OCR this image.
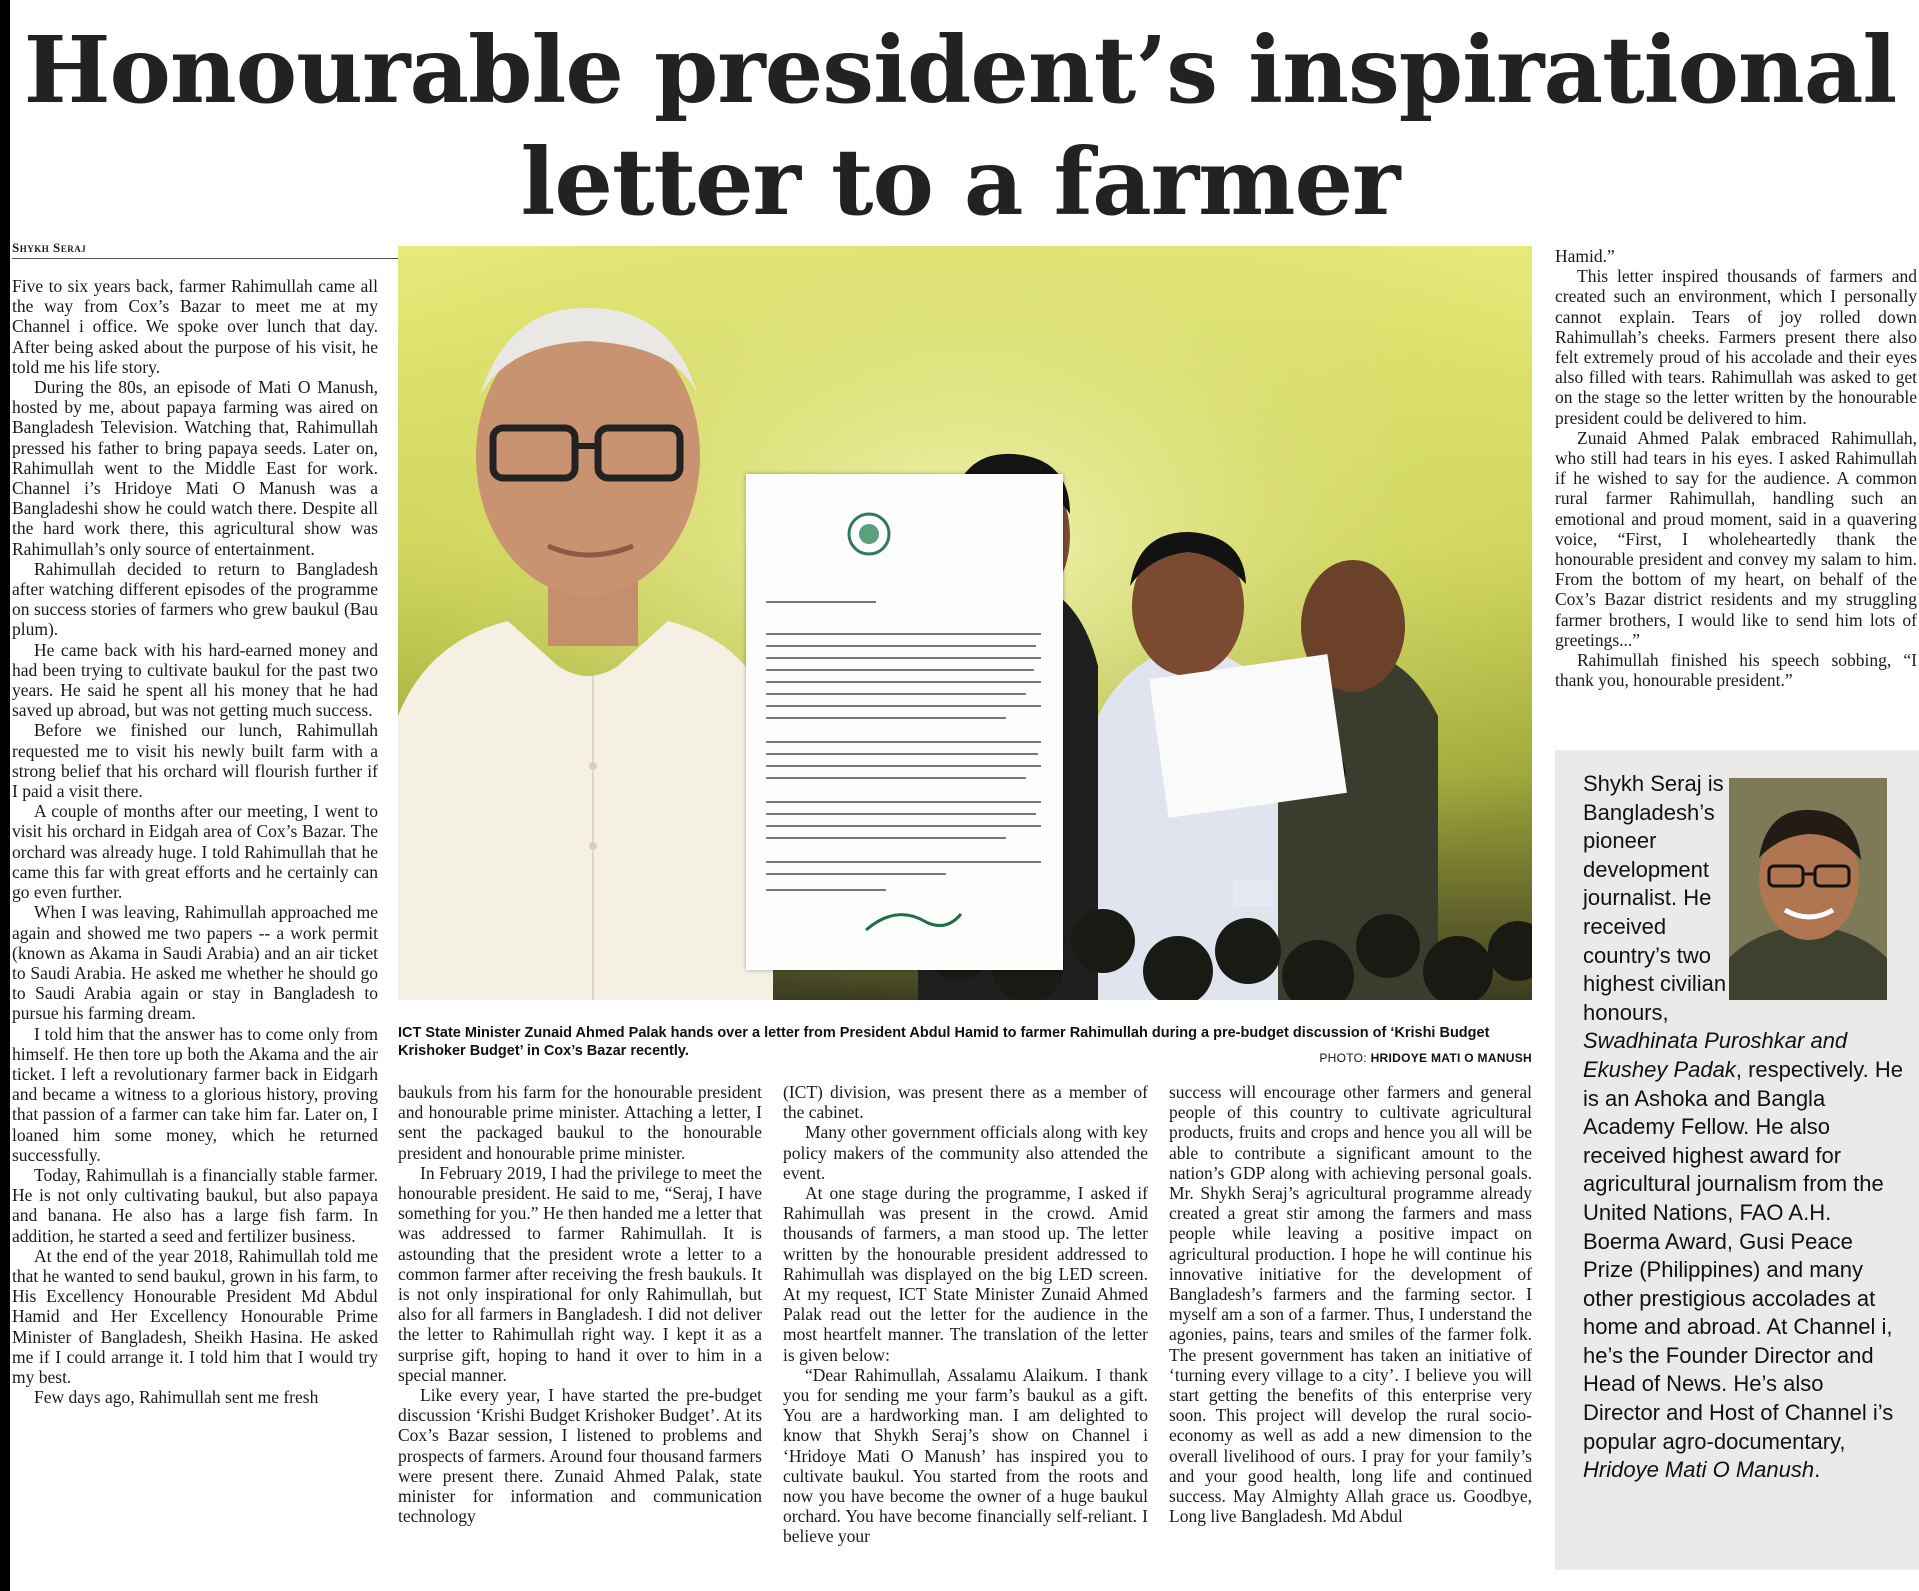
Honourable president’s inspirational letter to a farmer
Shykh Seraj

Five to six years back, farmer Rahimullah came all the way from Cox’s Bazar to meet me at my Channel i office. We spoke over lunch that day. After being asked about the purpose of his visit, he told me his life story.

During the 80s, an episode of Mati O Manush, hosted by me, about papaya farming was aired on Bangladesh Television. Watching that, Rahimullah pressed his father to bring papaya seeds. Later on, Rahimullah went to the Middle East for work. Channel i’s Hridoye Mati O Manush was a Bangladeshi show he could watch there. Despite all the hard work there, this agricultural show was Rahimullah’s only source of entertainment.

Rahimullah decided to return to Bangladesh after watching different episodes of the programme on success stories of farmers who grew baukul (Bau plum).

He came back with his hard-earned money and had been trying to cultivate baukul for the past two years. He said he spent all his money that he had saved up abroad, but was not getting much success.

Before we finished our lunch, Rahimullah requested me to visit his newly built farm with a strong belief that his orchard will flourish further if I paid a visit there.

A couple of months after our meeting, I went to visit his orchard in Eidgah area of Cox’s Bazar. The orchard was already huge. I told Rahimullah that he came this far with great efforts and he certainly can go even further.

When I was leaving, Rahimullah approached me again and showed me two papers -- a work permit (known as Akama in Saudi Arabia) and an air ticket to Saudi Arabia. He asked me whether he should go to Saudi Arabia again or stay in Bangladesh to pursue his farming dream.

I told him that the answer has to come only from himself. He then tore up both the Akama and the air ticket. I left a revolutionary farmer back in Eidgarh and became a witness to a glorious history, proving that passion of a farmer can take him far. Later on, I loaned him some money, which he returned successfully.

Today, Rahimullah is a financially stable farmer. He is not only cultivating baukul, but also papaya and banana. He also has a large fish farm. In addition, he started a seed and fertilizer business.

At the end of the year 2018, Rahimullah told me that he wanted to send baukul, grown in his farm, to His Excellency Honourable President Md Abdul Hamid and Her Excellency Honourable Prime Minister of Bangladesh, Sheikh Hasina. He asked me if I could arrange it. I told him that I would try my best.

Few days ago, Rahimullah sent me fresh

ICT State Minister Zunaid Ahmed Palak hands over a letter from President Abdul Hamid to farmer Rahimullah during a pre-budget discussion of ‘Krishi Budget Krishoker Budget’ in Cox’s Bazar recently.	PHOTO: HRIDOYE MATI O MANUSH

baukuls from his farm for the honourable president and honourable prime minister. Attaching a letter, I sent the packaged baukul to the honourable president and honourable prime minister.

In February 2019, I had the privilege to meet the honourable president. He said to me, “Seraj, I have something for you.” He then handed me a letter that was addressed to farmer Rahimullah. It is astounding that the president wrote a letter to a common farmer after receiving the fresh baukuls. It is not only inspirational for only Rahimullah, but also for all farmers in Bangladesh. I did not deliver the letter to Rahimullah right way. I kept it as a surprise gift, hoping to hand it over to him in a special manner.

Like every year, I have started the pre-budget discussion ‘Krishi Budget Krishoker Budget’. At its Cox’s Bazar session, I listened to problems and prospects of farmers. Around four thousand farmers were present there. Zunaid Ahmed Palak, state minister for information and communication technology

(ICT) division, was present there as a member of the cabinet.

Many other government officials along with key policy makers of the community also attended the event.

At one stage during the programme, I asked if Rahimullah was present in the crowd. Amid thousands of farmers, a man stood up. The letter written by the honourable president addressed to Rahimullah was displayed on the big LED screen. At my request, ICT State Minister Zunaid Ahmed Palak read out the letter for the audience in the most heartfelt manner. The translation of the letter is given below:

“Dear Rahimullah, Assalamu Alaikum. I thank you for sending me your farm’s baukul as a gift. You are a hardworking man. I am delighted to know that Shykh Seraj’s show on Channel i ‘Hridoye Mati O Manush’ has inspired you to cultivate baukul. You started from the roots and now you have become the owner of a huge baukul orchard. You have become financially self-reliant. I believe your

success will encourage other farmers and general people of this country to cultivate agricultural products, fruits and crops and hence you all will be able to contribute a significant amount to the nation’s GDP along with achieving personal goals. Mr. Shykh Seraj’s agricultural programme already created a great stir among the farmers and mass people while leaving a positive impact on agricultural production. I hope he will continue his innovative initiative for the development of Bangladesh’s farmers and the farming sector. I myself am a son of a farmer. Thus, I understand the agonies, pains, tears and smiles of the farmer folk. The present government has taken an initiative of ‘turning every village to a city’. I believe you will start getting the benefits of this enterprise very soon. This project will develop the rural socio-economy as well as add a new dimension to the overall livelihood of ours. I pray for your family’s and your good health, long life and continued success. May Almighty Allah grace us. Goodbye, Long live Bangladesh. Md Abdul

Hamid.”

This letter inspired thousands of farmers and created such an environment, which I personally cannot explain. Tears of joy rolled down Rahimullah’s cheeks. Farmers present there also felt extremely proud of his accolade and their eyes also filled with tears. Rahimullah was asked to get on the stage so the letter written by the honourable president could be delivered to him.

Zunaid Ahmed Palak embraced Rahimullah, who still had tears in his eyes. I asked Rahimullah if he wished to say for the audience. A common rural farmer Rahimullah, handling such an emotional and proud moment, said in a quavering voice, “First, I wholeheartedly thank the honourable president and convey my salam to him. From the bottom of my heart, on behalf of the Cox’s Bazar district residents and my struggling farmer brothers, I would like to send him lots of greetings...”

Rahimullah finished his speech sobbing, “I thank you, honourable president.”

Shykh Seraj is Bangladesh’s pioneer development journalist. He received country’s two highest civilian honours, Swadhinata Puroshkar and Ekushey Padak, respectively. He is an Ashoka and Bangla Academy Fellow. He also received highest award for agricultural journalism from the United Nations, FAO A.H. Boerma Award, Gusi Peace Prize (Philippines) and many other prestigious accolades at home and abroad. At Channel i, he’s the Founder Director and Head of News. He’s also Director and Host of Channel i’s popular agro-documentary, Hridoye Mati O Manush.
